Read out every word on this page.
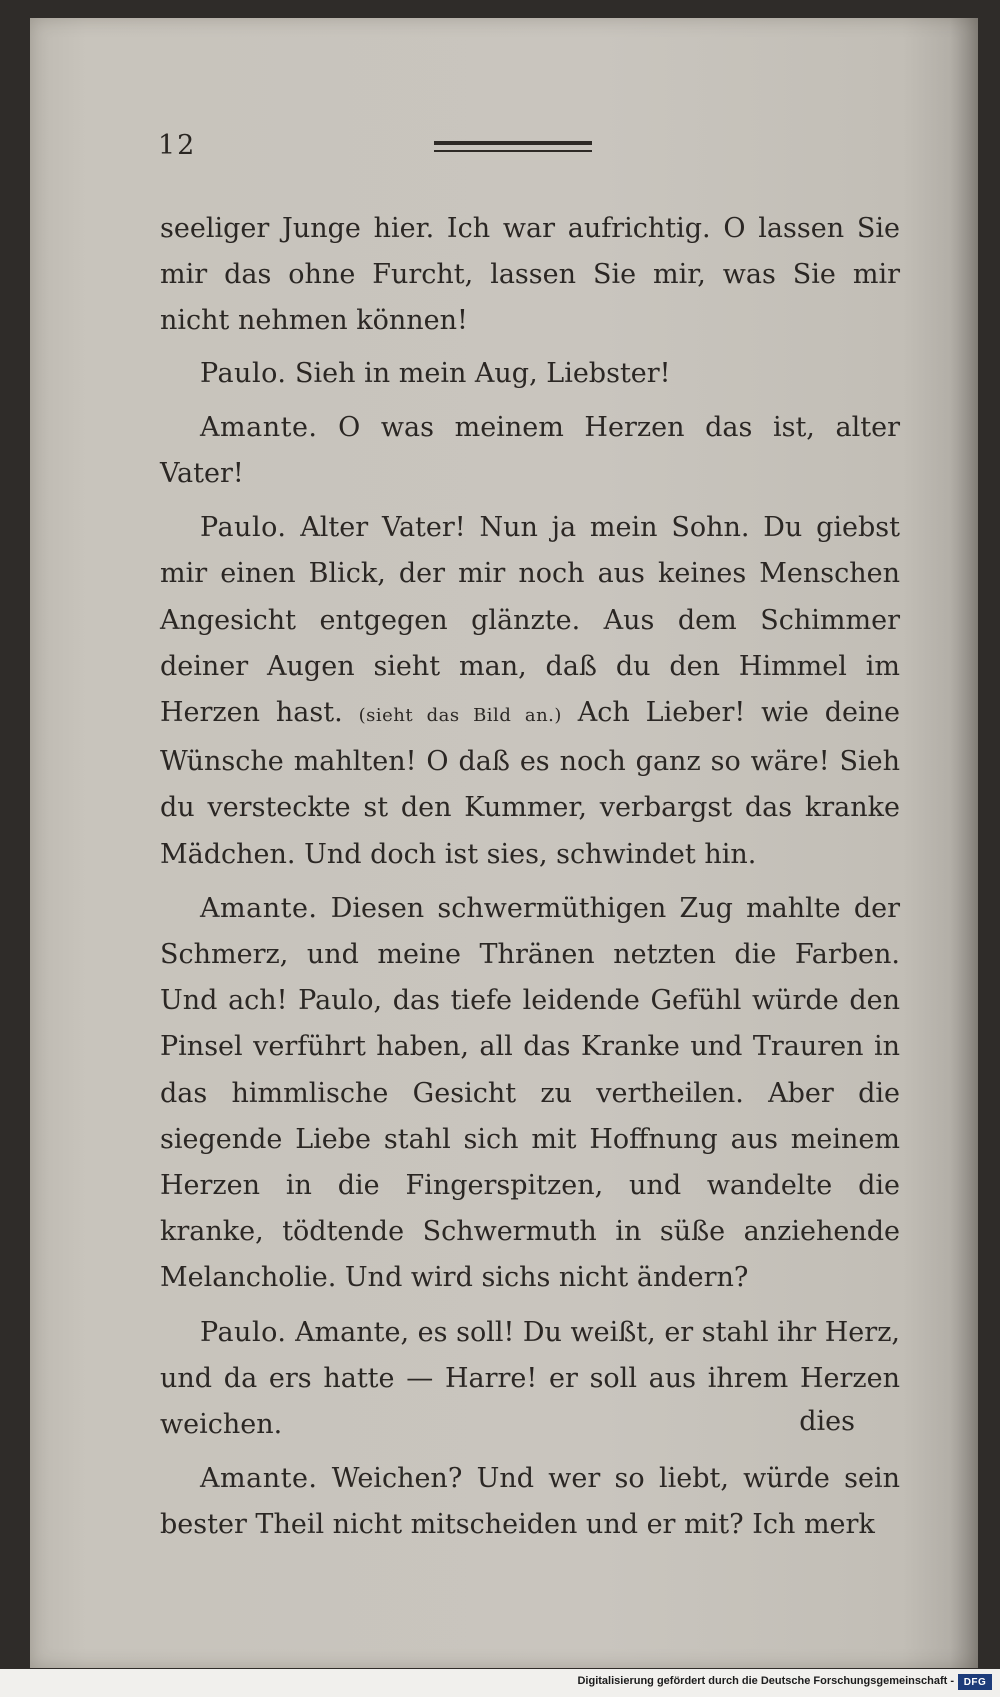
12

seeliger Junge hier. Ich war aufrichtig. O lassen Sie mir das ohne Furcht, lassen Sie mir, was Sie mir nicht nehmen können!

Paulo. Sieh in mein Aug, Liebster!

Amante. O was meinem Herzen das ist, alter Vater!

Paulo. Alter Vater! Nun ja mein Sohn. Du giebst mir einen Blick, der mir noch aus keines Menschen Angesicht entgegen glänzte. Aus dem Schimmer deiner Augen sieht man, daß du den Himmel im Herzen hast. (sieht das Bild an.) Ach Lieber! wie deine Wünsche mahlten! O daß es noch ganz so wäre! Sieh du versteckte st den Kummer, verbargst das kranke Mädchen. Und doch ist sies, schwindet hin.

Amante. Diesen schwermüthigen Zug mahlte der Schmerz, und meine Thränen netzten die Farben. Und ach! Paulo, das tiefe leidende Gefühl würde den Pinsel verführt haben, all das Kranke und Trauren in das himmlische Gesicht zu vertheilen. Aber die siegende Liebe stahl sich mit Hoffnung aus meinem Herzen in die Fingerspitzen, und wandelte die kranke, tödtende Schwermuth in süße anziehende Melancholie. Und wird sichs nicht ändern?

Paulo. Amante, es soll! Du weißt, er stahl ihr Herz, und da ers hatte — Harre! er soll aus ihrem Herzen weichen.

Amante. Weichen? Und wer so liebt, würde sein bester Theil nicht mitscheiden und er mit? Ich merk

dies
Digitalisierung gefördert durch die Deutsche Forschungsgemeinschaft - DFG
